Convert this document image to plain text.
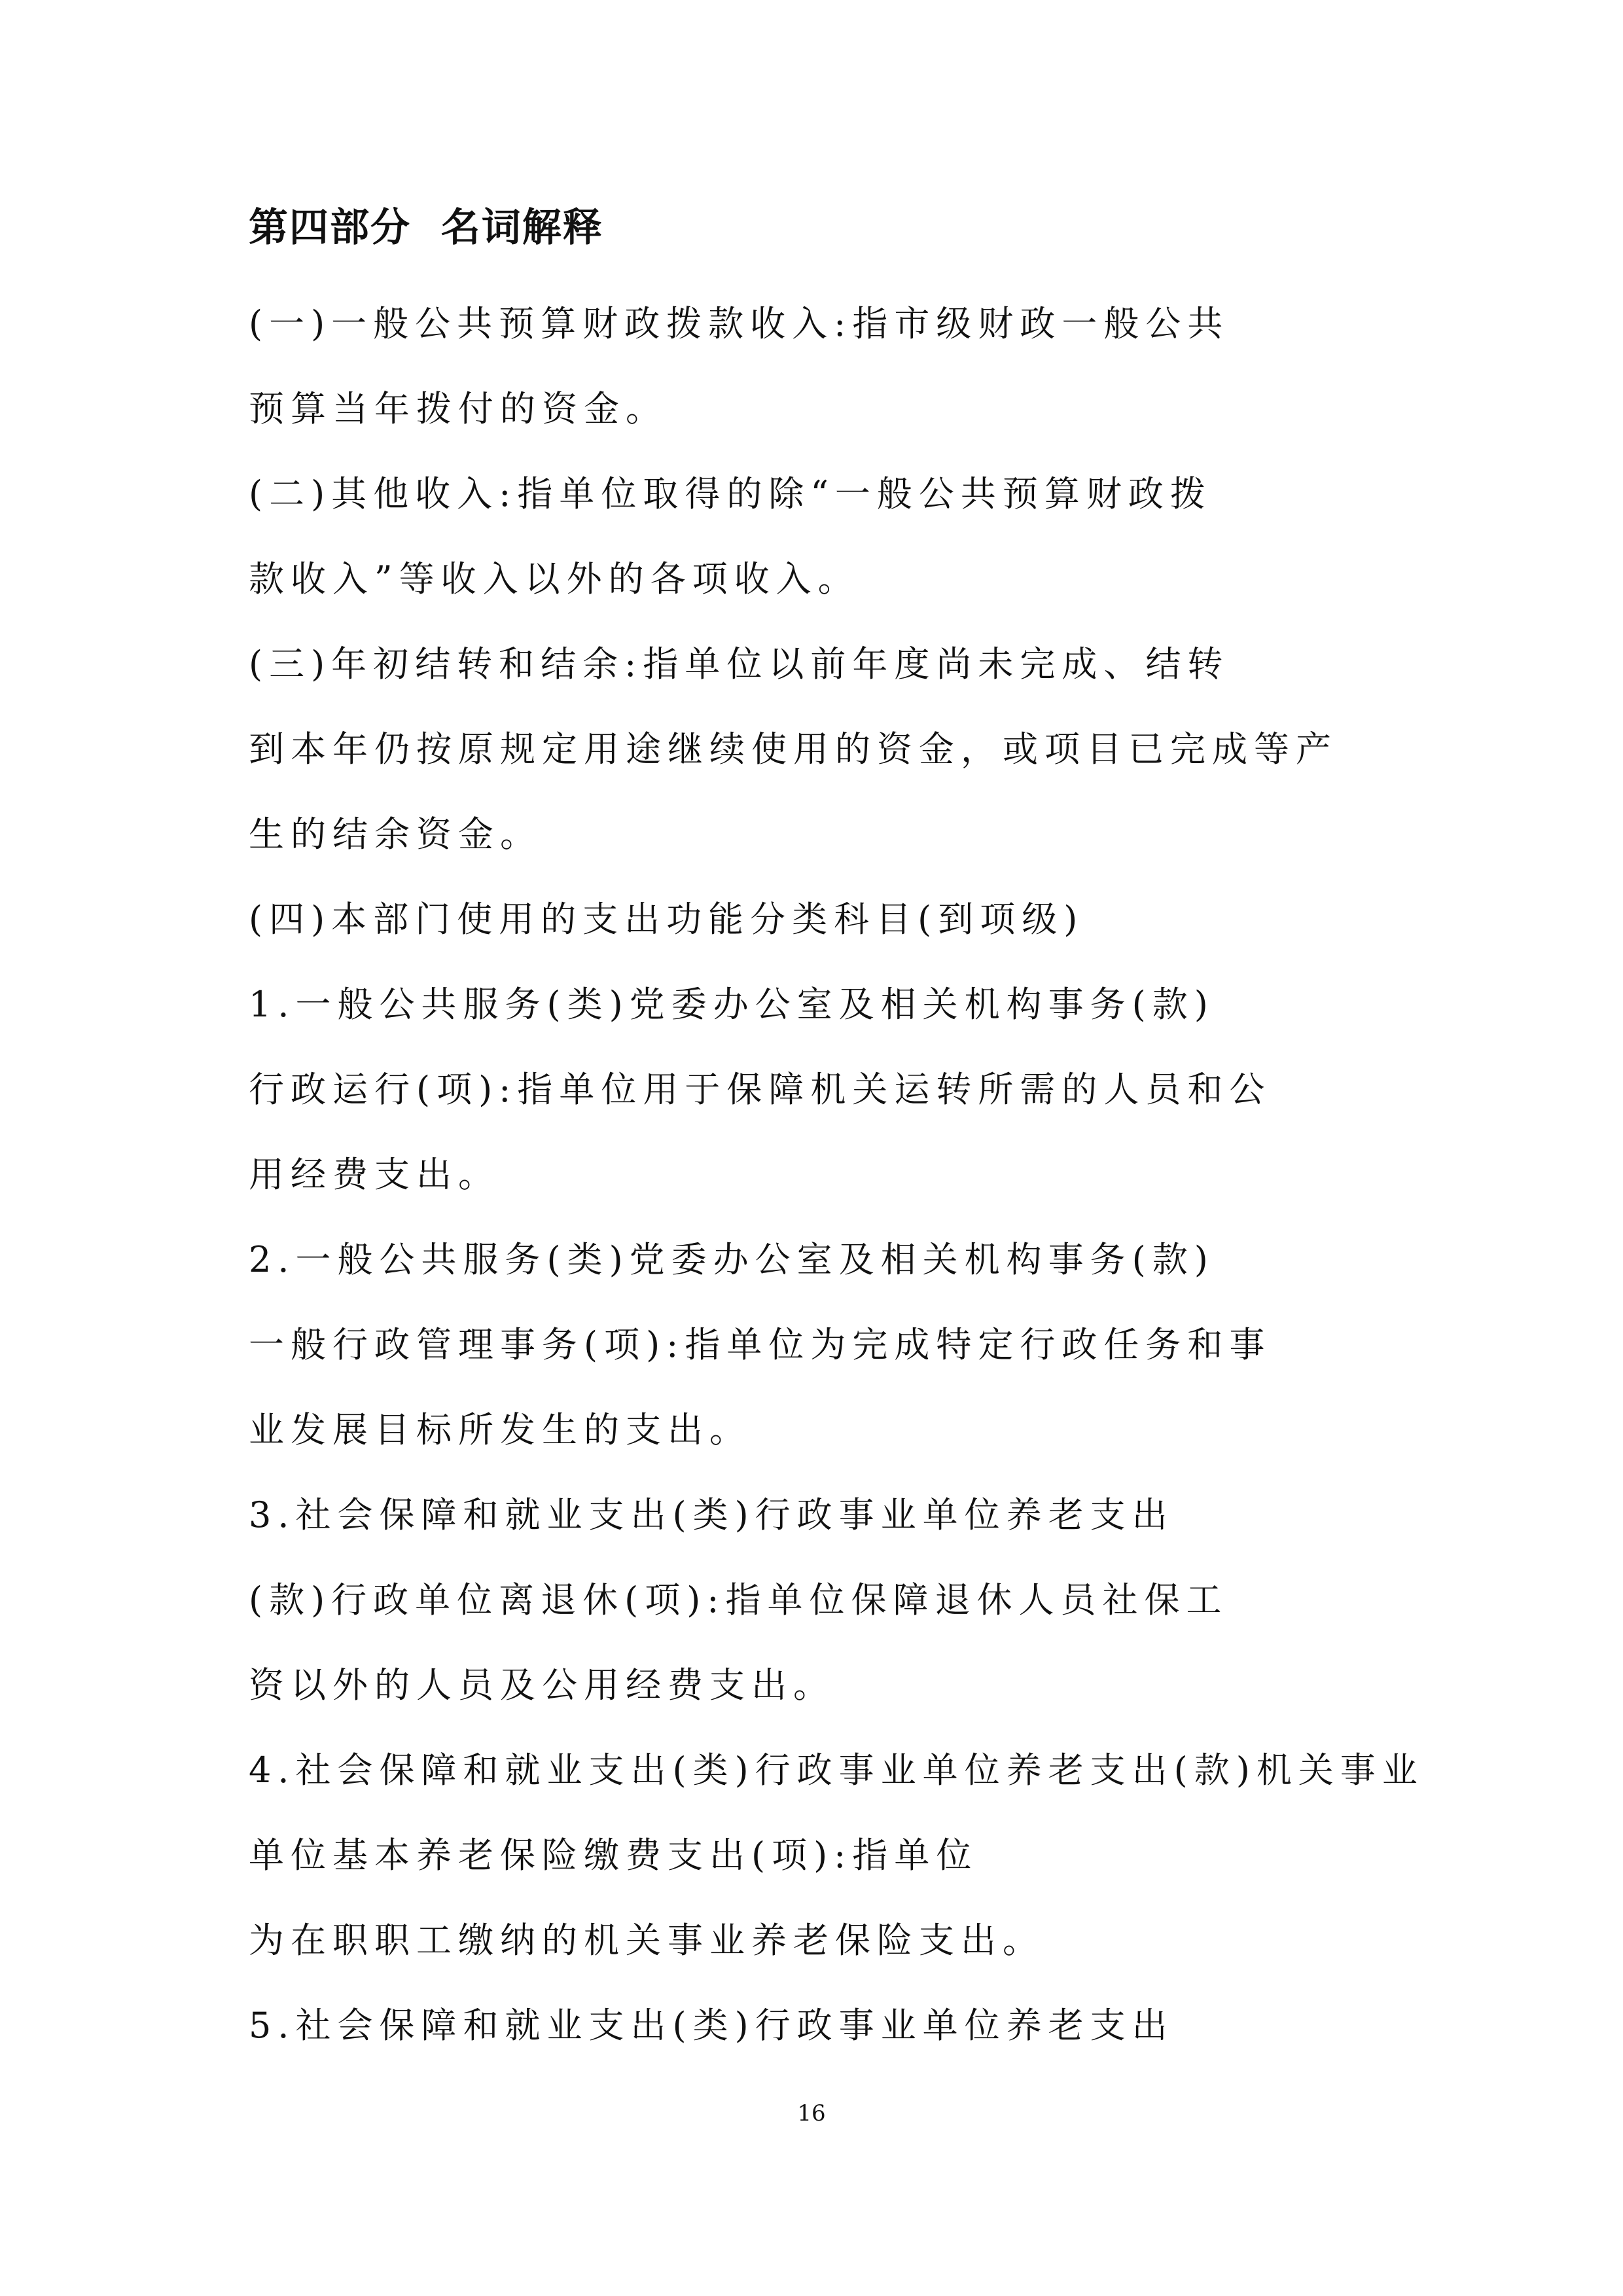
第四部分  名词解释
(一)一般公共预算财政拨款收入:指市级财政一般公共
预算当年拨付的资金。
(二)其他收入:指单位取得的除“一般公共预算财政拨
款收入”等收入以外的各项收入。
(三)年初结转和结余:指单位以前年度尚未完成、结转
到本年仍按原规定用途继续使用的资金，或项目已完成等产
生的结余资金。
(四)本部门使用的支出功能分类科目(到项级)
1.一般公共服务(类)党委办公室及相关机构事务(款)
行政运行(项):指单位用于保障机关运转所需的人员和公
用经费支出。
2.一般公共服务(类)党委办公室及相关机构事务(款)
一般行政管理事务(项):指单位为完成特定行政任务和事
业发展目标所发生的支出。
3.社会保障和就业支出(类)行政事业单位养老支出
(款)行政单位离退休(项):指单位保障退休人员社保工
资以外的人员及公用经费支出。
4.社会保障和就业支出(类)行政事业单位养老支出(款)机关事业
单位基本养老保险缴费支出(项):指单位
为在职职工缴纳的机关事业养老保险支出。
5.社会保障和就业支出(类)行政事业单位养老支出
16
